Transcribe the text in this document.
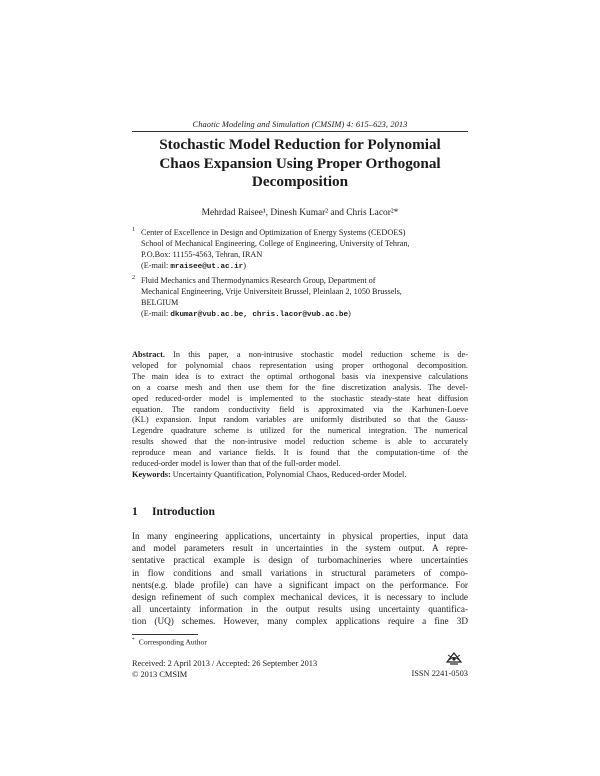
Chaotic Modeling and Simulation (CMSIM) 4: 615–623, 2013
Stochastic Model Reduction for Polynomial
Chaos Expansion Using Proper Orthogonal
Decomposition
Mehrdad Raisee¹, Dinesh Kumar² and Chris Lacor²*
1 Center of Excellence in Design and Optimization of Energy Systems (CEDOES)
School of Mechanical Engineering, College of Engineering, University of Tehran,
P.O.Box: 11155-4563, Tehran, IRAN
(E-mail: mraisee@ut.ac.ir)
2 Fluid Mechanics and Thermodynamics Research Group, Department of
Mechanical Engineering, Vrije Universiteit Brussel, Pleinlaan 2, 1050 Brussels,
BELGIUM
(E-mail: dkumar@vub.ac.be, chris.lacor@vub.ac.be)
Abstract. In this paper, a non-intrusive stochastic model reduction scheme is de-
veloped for polynomial chaos representation using proper orthogonal decomposition.
The main idea is to extract the optimal orthogonal basis via inexpensive calculations
on a coarse mesh and then use them for the fine discretization analysis. The devel-
oped reduced-order model is implemented to the stochastic steady-state heat diffusion
equation. The random conductivity field is approximated via the Karhunen-Loeve
(KL) expansion. Input random variables are uniformly distributed so that the Gauss-
Legendre quadrature scheme is utilized for the numerical integration. The numerical
results showed that the non-intrusive model reduction scheme is able to accurately
reproduce mean and variance fields. It is found that the computation-time of the
reduced-order model is lower than that of the full-order model.
Keywords: Uncertainty Quantification, Polynomial Chaos, Reduced-order Model.
1 Introduction
In many engineering applications, uncertainty in physical properties, input data
and model parameters result in uncertainties in the system output. A repre-
sentative practical example is design of turbomachineries where uncertainties
in flow conditions and small variations in structural parameters of compo-
nents(e.g. blade profile) can have a significant impact on the performance. For
design refinement of such complex mechanical devices, it is necessary to include
all uncertainty information in the output results using uncertainty quantifica-
tion (UQ) schemes. However, many complex applications require a fine 3D
* Corresponding Author
Received: 2 April 2013 / Accepted: 26 September 2013
© 2013 CMSIM	ISSN 2241-0503
